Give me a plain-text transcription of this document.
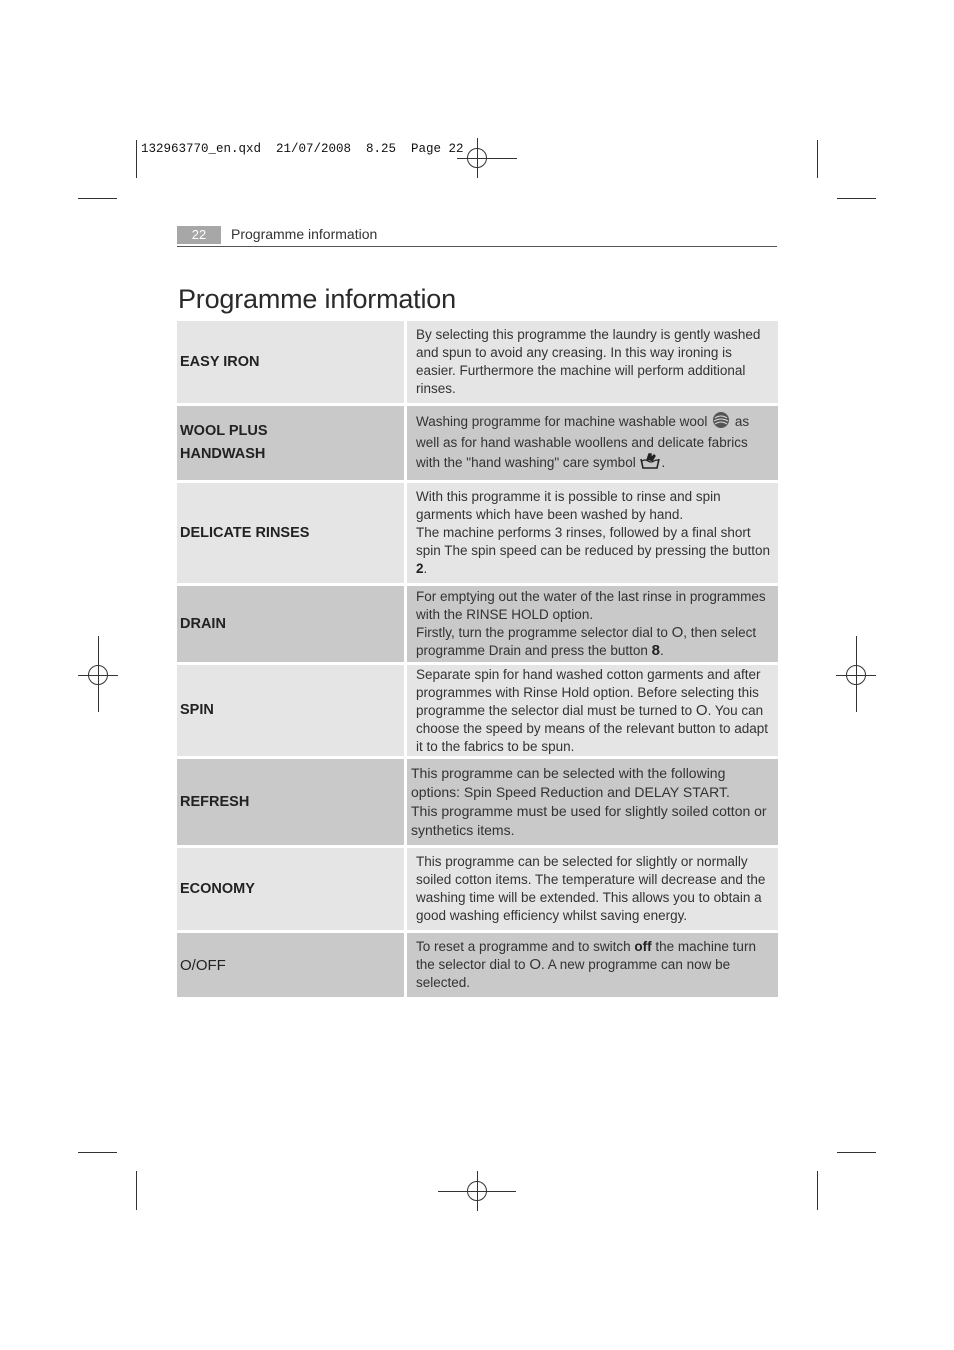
132963770_en.qxd  21/07/2008  8.25  Page 22
22	Programme information
Programme information
EASY IRON		By selecting this programme the laundry is gently washed and spun to avoid any creasing. In this way ironing is easier. Furthermore the machine will perform additional rinses.
WOOL PLUS
HANDWASH		Washing programme for machine washable wool as well as for hand washable woollens and delicate fabrics with the "hand washing" care symbol .
DELICATE RINSES		With this programme it is possible to rinse and spin garments which have been washed by hand.
The machine performs 3 rinses, followed by a final short spin The spin speed can be reduced by pressing the button 2.
DRAIN		For emptying out the water of the last rinse in programmes with the RINSE HOLD option.
Firstly, turn the programme selector dial to O, then select programme Drain and press the button 8.
SPIN		Separate spin for hand washed cotton garments and after programmes with Rinse Hold option. Before selecting this programme the selector dial must be turned to O. You can choose the speed by means of the relevant button to adapt it to the fabrics to be spun.
REFRESH		This programme can be selected with the following options: Spin Speed Reduction and DELAY START.
This programme must be used for slightly soiled cotton or synthetics items.
ECONOMY		This programme can be selected for slightly or normally soiled cotton items. The temperature will decrease and the washing time will be extended. This allows you to obtain a good washing efficiency whilst saving energy.
O/OFF		To reset a programme and to switch off the machine turn the selector dial to O. A new programme can now be selected.
